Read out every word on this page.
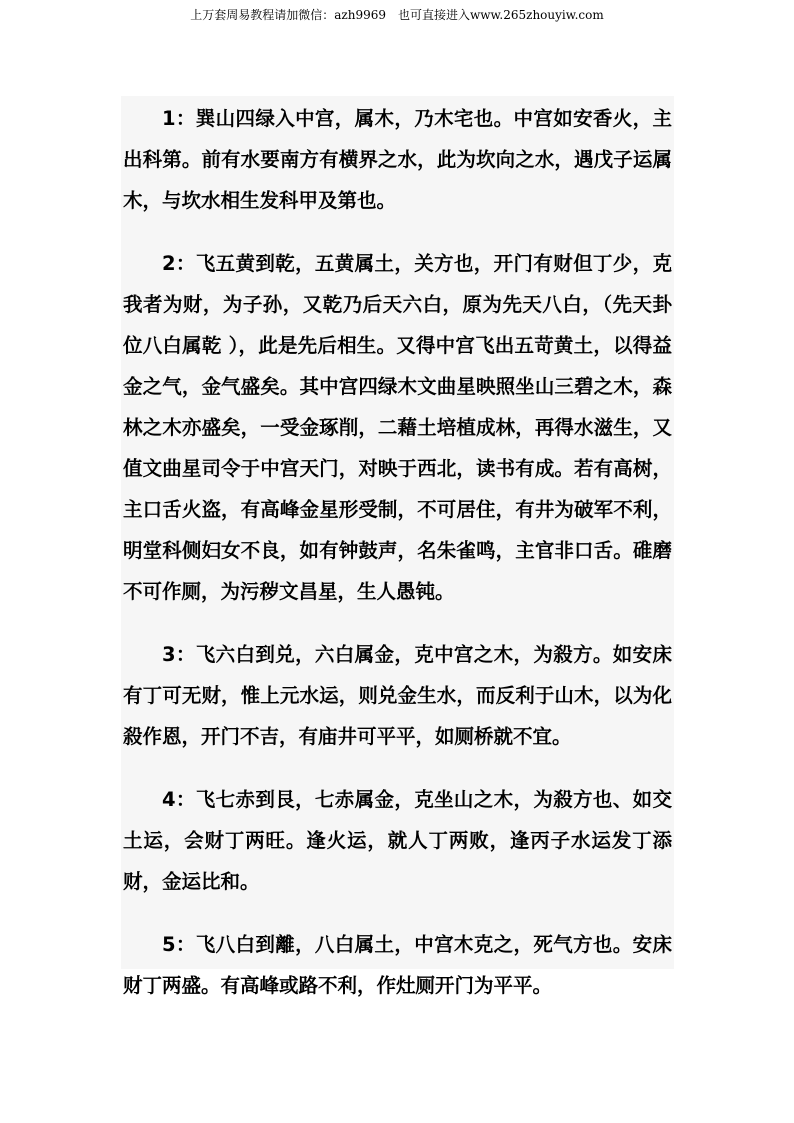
上万套周易教程请加微信：azh9969　也可直接进入www.265zhouyiw.com

1：巽山四绿入中宫，属木，乃木宅也。中宫如安香火，主出科第。前有水要南方有横界之水，此为坎向之水，遇戊子运属木，与坎水相生发科甲及第也。

2：飞五黄到乾，五黄属土，关方也，开门有财但丁少，克我者为财，为子孙，又乾乃后天六白，原为先天八白，（先天卦位八白属乾 ），此是先后相生。又得中宫飞出五苛黄土，以得益金之气，金气盛矣。其中宫四绿木文曲星映照坐山三碧之木，森林之木亦盛矣，一受金琢削，二藉土培植成林，再得水滋生，又值文曲星司令于中宫天门，对映于西北，读书有成。若有高树，主口舌火盗，有高峰金星形受制，不可居住，有井为破军不利，明堂科侧妇女不良，如有钟鼓声，名朱雀鸣，主官非口舌。碓磨不可作厕，为污秽文昌星，生人愚钝。

3：飞六白到兑，六白属金，克中宫之木，为殺方。如安床有丁可无财，惟上元水运，则兑金生水，而反利于山木，以为化殺作恩，开门不吉，有庙井可平平，如厕桥就不宜。

4：飞七赤到艮，七赤属金，克坐山之木，为殺方也、如交土运，会财丁两旺。逢火运，就人丁两败，逢丙子水运发丁添财，金运比和。

5：飞八白到離，八白属土，中宫木克之，死气方也。安床财丁两盛。有高峰或路不利，作灶厕开门为平平。
